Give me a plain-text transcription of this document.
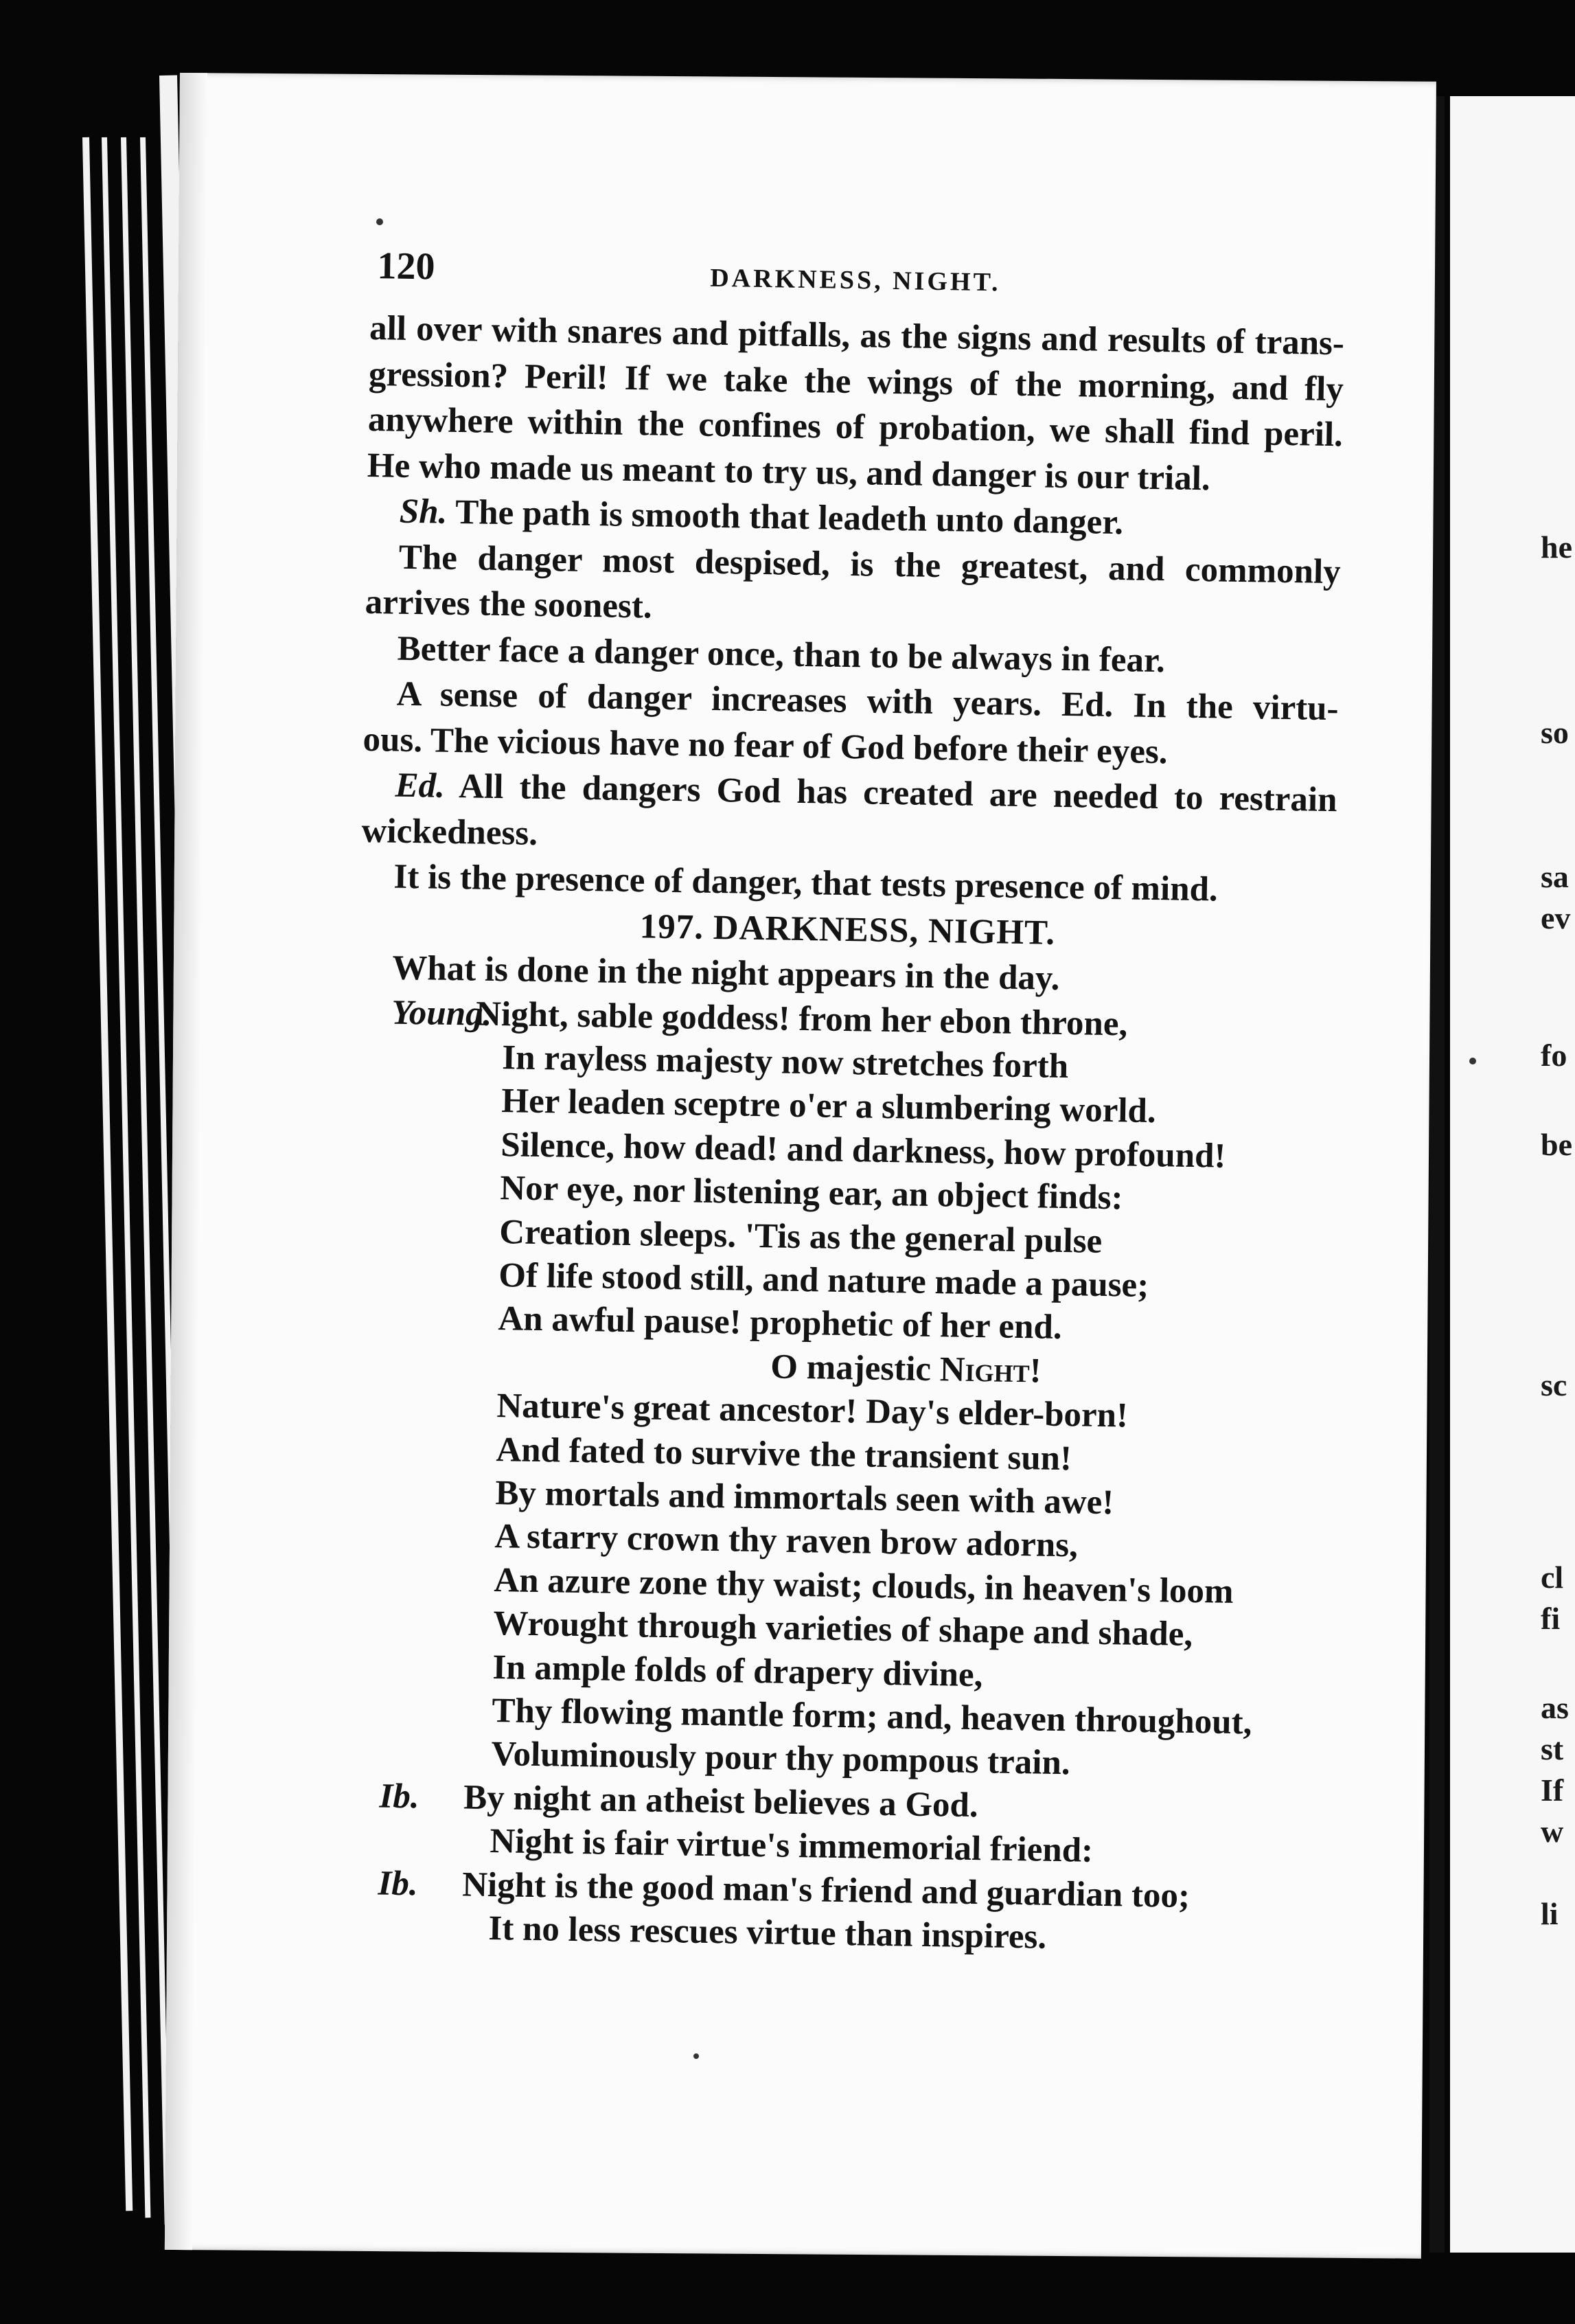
he
so
sa
ev
fo
be
sc
cl
fi
as
st
If
w
li
120	DARKNESS, NIGHT.

all over with snares and pitfalls, as the signs and results of trans-
gression? Peril! If we take the wings of the morning, and fly
anywhere within the confines of probation, we shall find peril.
He who made us meant to try us, and danger is our trial.

Sh. The path is smooth that leadeth unto danger.

The danger most despised, is the greatest, and commonly
arrives the soonest.

Better face a danger once, than to be always in fear.

A sense of danger increases with years. Ed. In the virtu-
ous. The vicious have no fear of God before their eyes.

Ed. All the dangers God has created are needed to restrain
wickedness.

It is the presence of danger, that tests presence of mind.

197. DARKNESS, NIGHT.

What is done in the night appears in the day.

Young. Night, sable goddess! from her ebon throne,
In rayless majesty now stretches forth
Her leaden sceptre o'er a slumbering world.
Silence, how dead! and darkness, how profound!
Nor eye, nor listening ear, an object finds:
Creation sleeps. 'Tis as the general pulse
Of life stood still, and nature made a pause;
An awful pause! prophetic of her end.
O majestic Night!
Nature's great ancestor! Day's elder-born!
And fated to survive the transient sun!
By mortals and immortals seen with awe!
A starry crown thy raven brow adorns,
An azure zone thy waist; clouds, in heaven's loom
Wrought through varieties of shape and shade,
In ample folds of drapery divine,
Thy flowing mantle form; and, heaven throughout,
Voluminously pour thy pompous train.
Ib. By night an atheist believes a God.
Night is fair virtue's immemorial friend:
Ib. Night is the good man's friend and guardian too;
It no less rescues virtue than inspires.
